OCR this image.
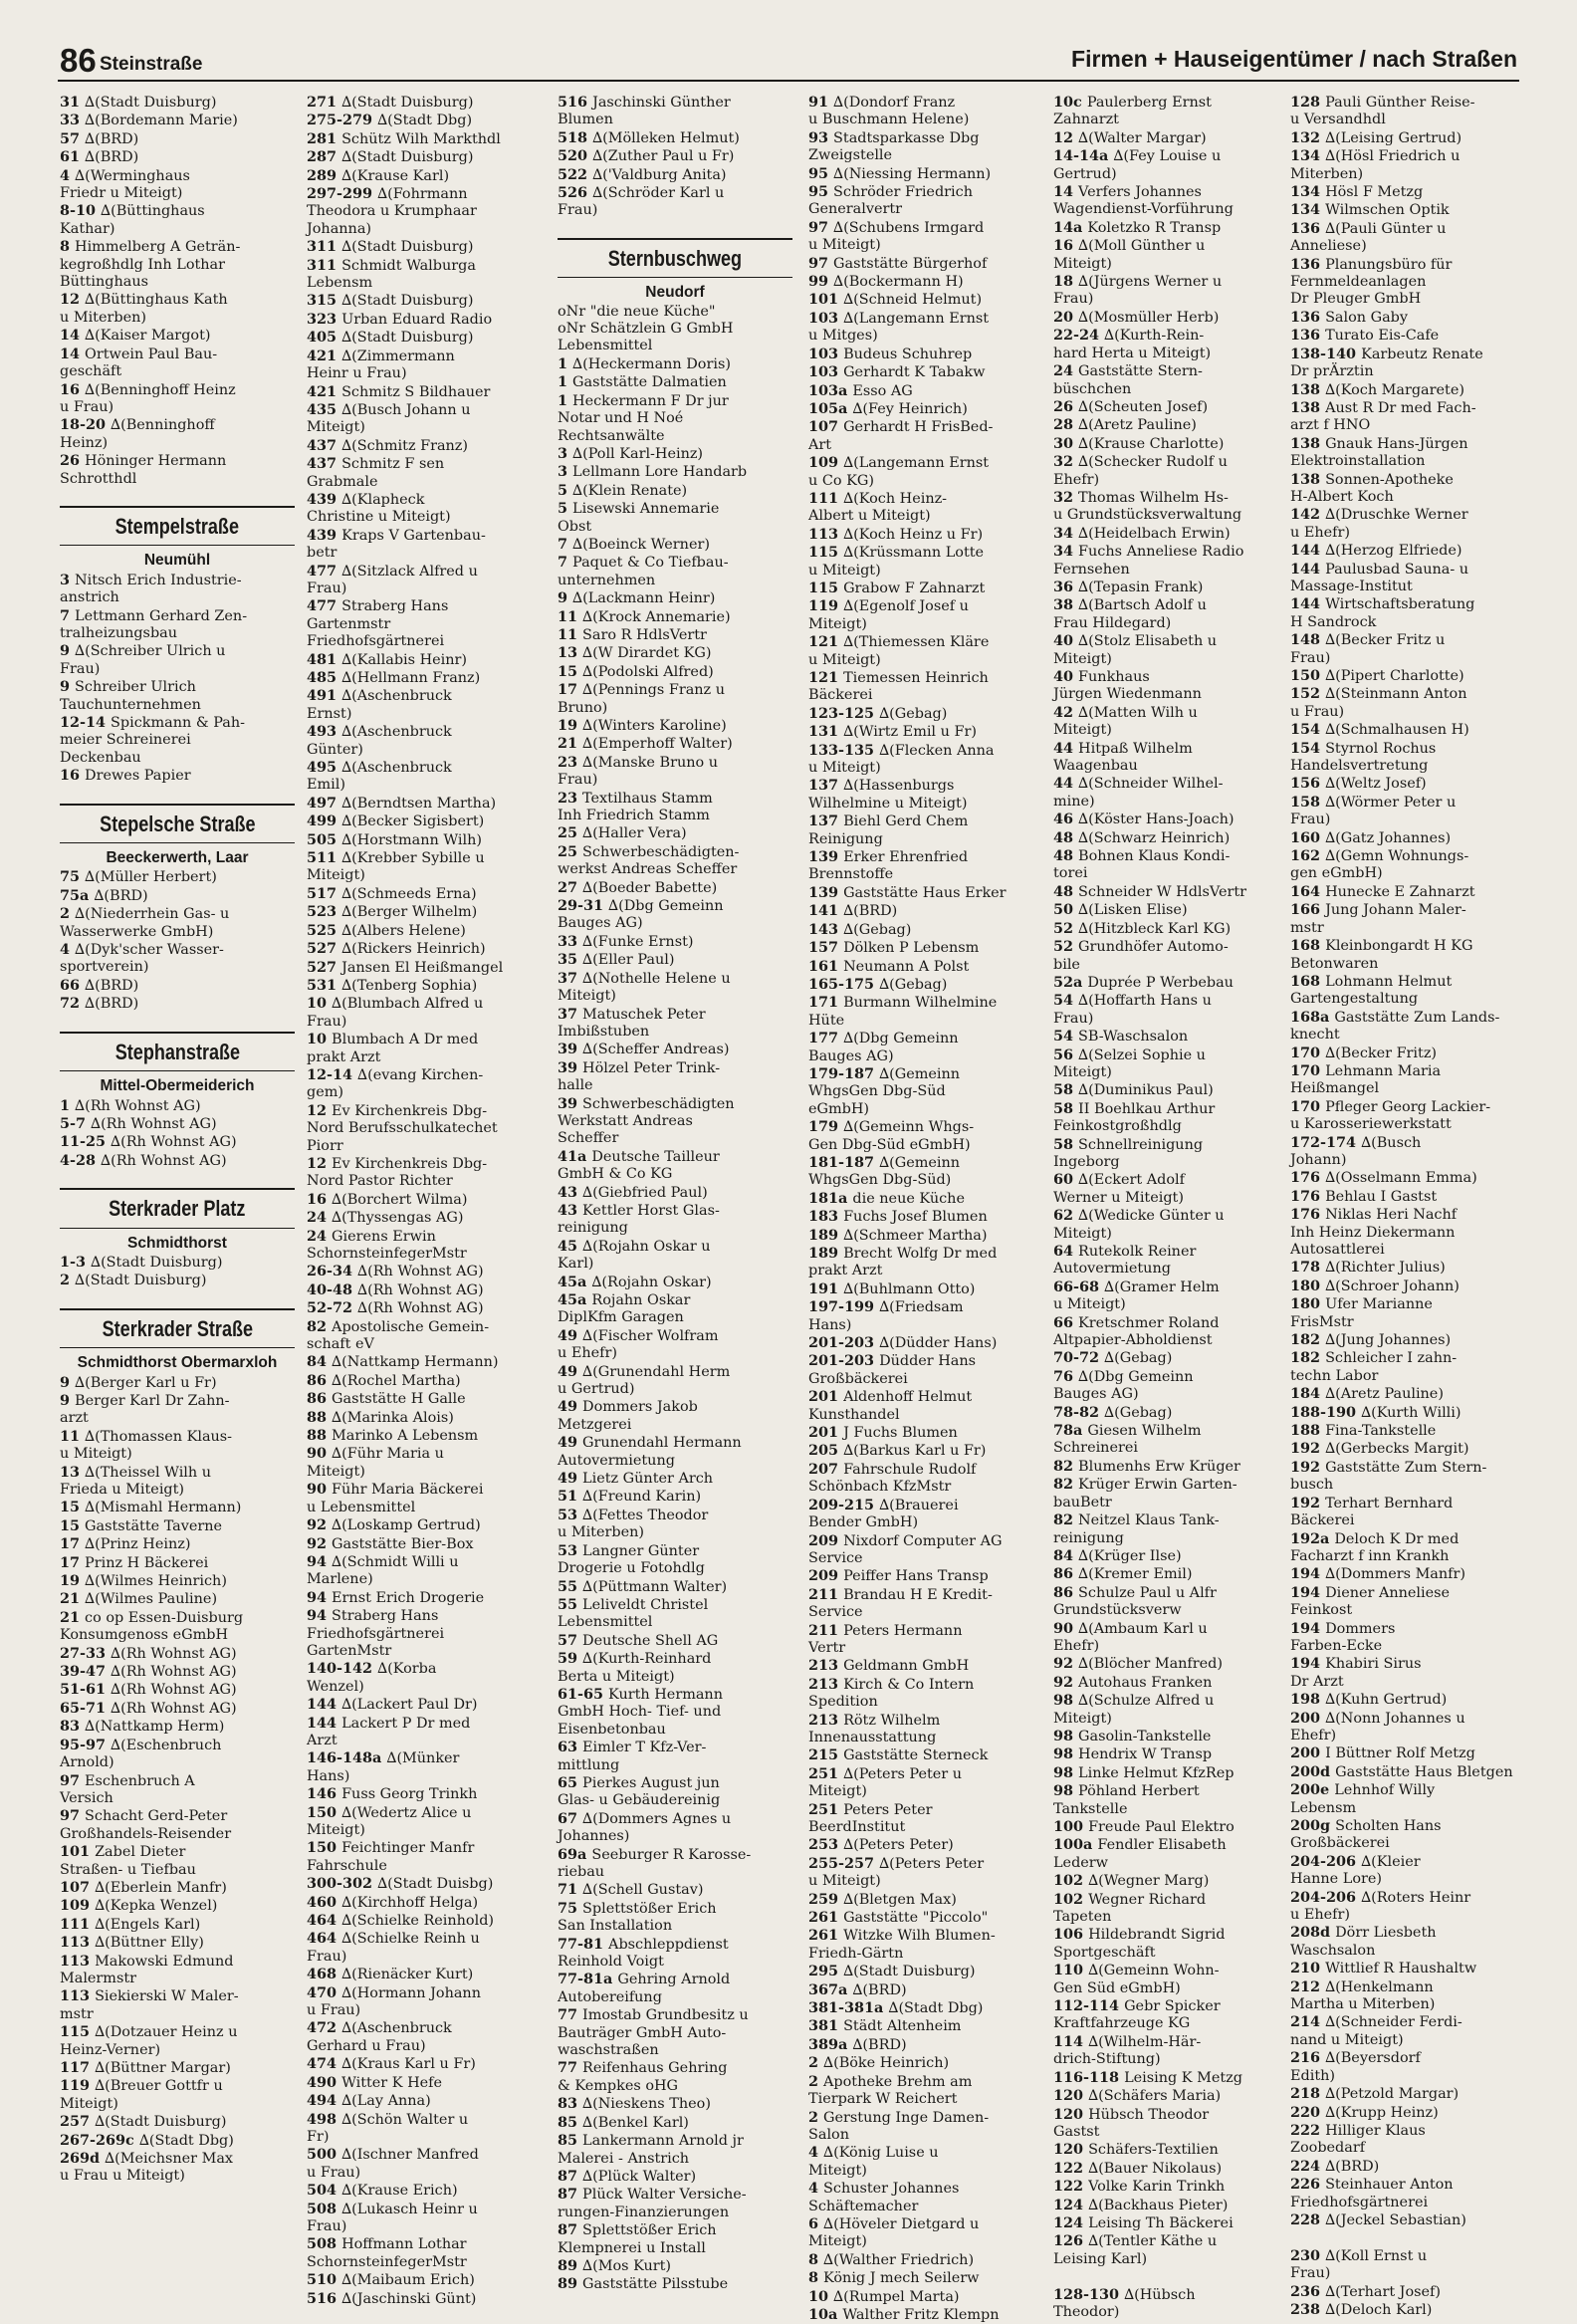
86 Steinstraße	Firmen + Hauseigentümer / nach Straßen
31 ∆(Stadt Duisburg)
33 ∆(Bordemann Marie)
57 ∆(BRD)
61 ∆(BRD)
4 ∆(Werminghaus
Friedr u Miteigt)
8-10 ∆(Büttinghaus
Kathar)
8 Himmelberg A Geträn-
kegroßhdlg Inh Lothar
Büttinghaus
12 ∆(Büttinghaus Kath
u Miterben)
14 ∆(Kaiser Margot)
14 Ortwein Paul Bau-
geschäft
16 ∆(Benninghoff Heinz
u Frau)
18-20 ∆(Benninghoff
Heinz)
26 Höninger Hermann
Schrotthdl
Stempelstraße
Neumühl
3 Nitsch Erich Industrie-
anstrich
7 Lettmann Gerhard Zen-
tralheizungsbau
9 ∆(Schreiber Ulrich u
Frau)
9 Schreiber Ulrich
Tauchunternehmen
12-14 Spickmann & Pah-
meier Schreinerei
Deckenbau
16 Drewes Papier
Stepelsche Straße
Beeckerwerth, Laar
75 ∆(Müller Herbert)
75a ∆(BRD)
2 ∆(Niederrhein Gas- u
Wasserwerke GmbH)
4 ∆(Dyk'scher Wasser-
sportverein)
66 ∆(BRD)
72 ∆(BRD)
Stephanstraße
Mittel-Obermeiderich
1 ∆(Rh Wohnst AG)
5-7 ∆(Rh Wohnst AG)
11-25 ∆(Rh Wohnst AG)
4-28 ∆(Rh Wohnst AG)
Sterkrader Platz
Schmidthorst
1-3 ∆(Stadt Duisburg)
2 ∆(Stadt Duisburg)
Sterkrader Straße
Schmidthorst Obermarxloh
9 ∆(Berger Karl u Fr)
9 Berger Karl Dr Zahn-
arzt
11 ∆(Thomassen Klaus-
u Miteigt)
13 ∆(Theissel Wilh u
Frieda u Miteigt)
15 ∆(Mismahl Hermann)
15 Gaststätte Taverne
17 ∆(Prinz Heinz)
17 Prinz H Bäckerei
19 ∆(Wilmes Heinrich)
21 ∆(Wilmes Pauline)
21 co op Essen-Duisburg
Konsumgenoss eGmbH
27-33 ∆(Rh Wohnst AG)
39-47 ∆(Rh Wohnst AG)
51-61 ∆(Rh Wohnst AG)
65-71 ∆(Rh Wohnst AG)
83 ∆(Nattkamp Herm)
95-97 ∆(Eschenbruch
Arnold)
97 Eschenbruch A
Versich
97 Schacht Gerd-Peter
Großhandels-Reisender
101 Zabel Dieter
Straßen- u Tiefbau
107 ∆(Eberlein Manfr)
109 ∆(Kepka Wenzel)
111 ∆(Engels Karl)
113 ∆(Büttner Elly)
113 Makowski Edmund
Malermstr
113 Siekierski W Maler-
mstr
115 ∆(Dotzauer Heinz u
Heinz-Verner)
117 ∆(Büttner Margar)
119 ∆(Breuer Gottfr u
Miteigt)
257 ∆(Stadt Duisburg)
267-269c ∆(Stadt Dbg)
269d ∆(Meichsner Max
u Frau u Miteigt)
271 ∆(Stadt Duisburg)
275-279 ∆(Stadt Dbg)
281 Schütz Wilh Markthdl
287 ∆(Stadt Duisburg)
289 ∆(Krause Karl)
297-299 ∆(Fohrmann
Theodora u Krumphaar
Johanna)
311 ∆(Stadt Duisburg)
311 Schmidt Walburga
Lebensm
315 ∆(Stadt Duisburg)
323 Urban Eduard Radio
405 ∆(Stadt Duisburg)
421 ∆(Zimmermann
Heinr u Frau)
421 Schmitz S Bildhauer
435 ∆(Busch Johann u
Miteigt)
437 ∆(Schmitz Franz)
437 Schmitz F sen
Grabmale
439 ∆(Klapheck
Christine u Miteigt)
439 Kraps V Gartenbau-
betr
477 ∆(Sitzlack Alfred u
Frau)
477 Straberg Hans
Gartenmstr
Friedhofsgärtnerei
481 ∆(Kallabis Heinr)
485 ∆(Hellmann Franz)
491 ∆(Aschenbruck
Ernst)
493 ∆(Aschenbruck
Günter)
495 ∆(Aschenbruck
Emil)
497 ∆(Berndtsen Martha)
499 ∆(Becker Sigisbert)
505 ∆(Horstmann Wilh)
511 ∆(Krebber Sybille u
Miteigt)
517 ∆(Schmeeds Erna)
523 ∆(Berger Wilhelm)
525 ∆(Albers Helene)
527 ∆(Rickers Heinrich)
527 Jansen El Heißmangel
531 ∆(Tenberg Sophia)
10 ∆(Blumbach Alfred u
Frau)
10 Blumbach A Dr med
prakt Arzt
12-14 ∆(evang Kirchen-
gem)
12 Ev Kirchenkreis Dbg-
Nord Berufsschulkatechet
Piorr
12 Ev Kirchenkreis Dbg-
Nord Pastor Richter
16 ∆(Borchert Wilma)
24 ∆(Thyssengas AG)
24 Gierens Erwin
SchornsteinfegerMstr
26-34 ∆(Rh Wohnst AG)
40-48 ∆(Rh Wohnst AG)
52-72 ∆(Rh Wohnst AG)
82 Apostolische Gemein-
schaft eV
84 ∆(Nattkamp Hermann)
86 ∆(Rochel Martha)
86 Gaststätte H Galle
88 ∆(Marinka Alois)
88 Marinko A Lebensm
90 ∆(Führ Maria u
Miteigt)
90 Führ Maria Bäckerei
u Lebensmittel
92 ∆(Loskamp Gertrud)
92 Gaststätte Bier-Box
94 ∆(Schmidt Willi u
Marlene)
94 Ernst Erich Drogerie
94 Straberg Hans
Friedhofsgärtnerei
GartenMstr
140-142 ∆(Korba
Wenzel)
144 ∆(Lackert Paul Dr)
144 Lackert P Dr med
Arzt
146-148a ∆(Münker
Hans)
146 Fuss Georg Trinkh
150 ∆(Wedertz Alice u
Miteigt)
150 Feichtinger Manfr
Fahrschule
300-302 ∆(Stadt Duisbg)
460 ∆(Kirchhoff Helga)
464 ∆(Schielke Reinhold)
464 ∆(Schielke Reinh u
Frau)
468 ∆(Rienäcker Kurt)
470 ∆(Hormann Johann
u Frau)
472 ∆(Aschenbruck
Gerhard u Frau)
474 ∆(Kraus Karl u Fr)
490 Witter K Hefe
494 ∆(Lay Anna)
498 ∆(Schön Walter u
Fr)
500 ∆(Ischner Manfred
u Frau)
504 ∆(Krause Erich)
508 ∆(Lukasch Heinr u
Frau)
508 Hoffmann Lothar
SchornsteinfegerMstr
510 ∆(Maibaum Erich)
516 ∆(Jaschinski Günt)
516 Jaschinski Günther
Blumen
518 ∆(Mölleken Helmut)
520 ∆(Zuther Paul u Fr)
522 ∆('Valdburg Anita)
526 ∆(Schröder Karl u
Frau)
Sternbuschweg
Neudorf
oNr "die neue Küche"
oNr Schätzlein G GmbH
Lebensmittel
1 ∆(Heckermann Doris)
1 Gaststätte Dalmatien
1 Heckermann F Dr jur
Notar und H Noé
Rechtsanwälte
3 ∆(Poll Karl-Heinz)
3 Lellmann Lore Handarb
5 ∆(Klein Renate)
5 Lisewski Annemarie
Obst
7 ∆(Boeinck Werner)
7 Paquet & Co Tiefbau-
unternehmen
9 ∆(Lackmann Heinr)
11 ∆(Krock Annemarie)
11 Saro R HdlsVertr
13 ∆(W Dirardet KG)
15 ∆(Podolski Alfred)
17 ∆(Pennings Franz u
Bruno)
19 ∆(Winters Karoline)
21 ∆(Emperhoff Walter)
23 ∆(Manske Bruno u
Frau)
23 Textilhaus Stamm
Inh Friedrich Stamm
25 ∆(Haller Vera)
25 Schwerbeschädigten-
werkst Andreas Scheffer
27 ∆(Boeder Babette)
29-31 ∆(Dbg Gemeinn
Bauges AG)
33 ∆(Funke Ernst)
35 ∆(Eller Paul)
37 ∆(Nothelle Helene u
Miteigt)
37 Matuschek Peter
Imbißstuben
39 ∆(Scheffer Andreas)
39 Hölzel Peter Trink-
halle
39 Schwerbeschädigten
Werkstatt Andreas
Scheffer
41a Deutsche Tailleur
GmbH & Co KG
43 ∆(Giebfried Paul)
43 Kettler Horst Glas-
reinigung
45 ∆(Rojahn Oskar u
Karl)
45a ∆(Rojahn Oskar)
45a Rojahn Oskar
DiplKfm Garagen
49 ∆(Fischer Wolfram
u Ehefr)
49 ∆(Grunendahl Herm
u Gertrud)
49 Dommers Jakob
Metzgerei
49 Grunendahl Hermann
Autovermietung
49 Lietz Günter Arch
51 ∆(Freund Karin)
53 ∆(Fettes Theodor
u Miterben)
53 Langner Günter
Drogerie u Fotohdlg
55 ∆(Püttmann Walter)
55 Leliveldt Christel
Lebensmittel
57 Deutsche Shell AG
59 ∆(Kurth-Reinhard
Berta u Miteigt)
61-65 Kurth Hermann
GmbH Hoch- Tief- und
Eisenbetonbau
63 Eimler T Kfz-Ver-
mittlung
65 Pierkes August jun
Glas- u Gebäudereinig
67 ∆(Dommers Agnes u
Johannes)
69a Seeburger R Karosse-
riebau
71 ∆(Schell Gustav)
75 Splettstößer Erich
San Installation
77-81 Abschleppdienst
Reinhold Voigt
77-81a Gehring Arnold
Autobereifung
77 Imostab Grundbesitz u
Bauträger GmbH Auto-
waschstraßen
77 Reifenhaus Gehring
& Kempkes oHG
83 ∆(Nieskens Theo)
85 ∆(Benkel Karl)
85 Lankermann Arnold jr
Malerei - Anstrich
87 ∆(Plück Walter)
87 Plück Walter Versiche-
rungen-Finanzierungen
87 Splettstößer Erich
Klempnerei u Install
89 ∆(Mos Kurt)
89 Gaststätte Pilsstube
91 ∆(Dondorf Franz
u Buschmann Helene)
93 Stadtsparkasse Dbg
Zweigstelle
95 ∆(Niessing Hermann)
95 Schröder Friedrich
Generalvertr
97 ∆(Schubens Irmgard
u Miteigt)
97 Gaststätte Bürgerhof
99 ∆(Bockermann H)
101 ∆(Schneid Helmut)
103 ∆(Langemann Ernst
u Mitges)
103 Budeus Schuhrep
103 Gerhardt K Tabakw
103a Esso AG
105a ∆(Fey Heinrich)
107 Gerhardt H FrisBed-
Art
109 ∆(Langemann Ernst
u Co KG)
111 ∆(Koch Heinz-
Albert u Miteigt)
113 ∆(Koch Heinz u Fr)
115 ∆(Krüssmann Lotte
u Miteigt)
115 Grabow F Zahnarzt
119 ∆(Egenolf Josef u
Miteigt)
121 ∆(Thiemessen Kläre
u Miteigt)
121 Tiemessen Heinrich
Bäckerei
123-125 ∆(Gebag)
131 ∆(Wirtz Emil u Fr)
133-135 ∆(Flecken Anna
u Miteigt)
137 ∆(Hassenburgs
Wilhelmine u Miteigt)
137 Biehl Gerd Chem
Reinigung
139 Erker Ehrenfried
Brennstoffe
139 Gaststätte Haus Erker
141 ∆(BRD)
143 ∆(Gebag)
157 Dölken P Lebensm
161 Neumann A Polst
165-175 ∆(Gebag)
171 Burmann Wilhelmine
Hüte
177 ∆(Dbg Gemeinn
Bauges AG)
179-187 ∆(Gemeinn
WhgsGen Dbg-Süd
eGmbH)
179 ∆(Gemeinn Whgs-
Gen Dbg-Süd eGmbH)
181-187 ∆(Gemeinn
WhgsGen Dbg-Süd)
181a die neue Küche
183 Fuchs Josef Blumen
189 ∆(Schmeer Martha)
189 Brecht Wolfg Dr med
prakt Arzt
191 ∆(Buhlmann Otto)
197-199 ∆(Friedsam
Hans)
201-203 ∆(Düdder Hans)
201-203 Düdder Hans
Großbäckerei
201 Aldenhoff Helmut
Kunsthandel
201 J Fuchs Blumen
205 ∆(Barkus Karl u Fr)
207 Fahrschule Rudolf
Schönbach KfzMstr
209-215 ∆(Brauerei
Bender GmbH)
209 Nixdorf Computer AG
Service
209 Peiffer Hans Transp
211 Brandau H E Kredit-
Service
211 Peters Hermann
Vertr
213 Geldmann GmbH
213 Kirch & Co Intern
Spedition
213 Rötz Wilhelm
Innenausstattung
215 Gaststätte Sterneck
251 ∆(Peters Peter u
Miteigt)
251 Peters Peter
BeerdInstitut
253 ∆(Peters Peter)
255-257 ∆(Peters Peter
u Miteigt)
259 ∆(Bletgen Max)
261 Gaststätte "Piccolo"
261 Witzke Wilh Blumen-
Friedh-Gärtn
295 ∆(Stadt Duisburg)
367a ∆(BRD)
381-381a ∆(Stadt Dbg)
381 Städt Altenheim
389a ∆(BRD)
2 ∆(Böke Heinrich)
2 Apotheke Brehm am
Tierpark W Reichert
2 Gerstung Inge Damen-
Salon
4 ∆(König Luise u
Miteigt)
4 Schuster Johannes
Schäftemacher
6 ∆(Höveler Dietgard u
Miteigt)
8 ∆(Walther Friedrich)
8 König J mech Seilerw
10 ∆(Rumpel Marta)
10a Walther Fritz Klempn
10c Paulerberg Ernst
Zahnarzt
12 ∆(Walter Margar)
14-14a ∆(Fey Louise u
Gertrud)
14 Verfers Johannes
Wagendienst-Vorführung
14a Koletzko R Transp
16 ∆(Moll Günther u
Miteigt)
18 ∆(Jürgens Werner u
Frau)
20 ∆(Mosmüller Herb)
22-24 ∆(Kurth-Rein-
hard Herta u Miteigt)
24 Gaststätte Stern-
büschchen
26 ∆(Scheuten Josef)
28 ∆(Aretz Pauline)
30 ∆(Krause Charlotte)
32 ∆(Schecker Rudolf u
Ehefr)
32 Thomas Wilhelm Hs-
u Grundstücksverwaltung
34 ∆(Heidelbach Erwin)
34 Fuchs Anneliese Radio
Fernsehen
36 ∆(Tepasin Frank)
38 ∆(Bartsch Adolf u
Frau Hildegard)
40 ∆(Stolz Elisabeth u
Miteigt)
40 Funkhaus
Jürgen Wiedenmann
42 ∆(Matten Wilh u
Miteigt)
44 Hitpaß Wilhelm
Waagenbau
44 ∆(Schneider Wilhel-
mine)
46 ∆(Köster Hans-Joach)
48 ∆(Schwarz Heinrich)
48 Bohnen Klaus Kondi-
torei
48 Schneider W HdlsVertr
50 ∆(Lisken Elise)
52 ∆(Hitzbleck Karl KG)
52 Grundhöfer Automo-
bile
52a Duprée P Werbebau
54 ∆(Hoffarth Hans u
Frau)
54 SB-Waschsalon
56 ∆(Selzei Sophie u
Miteigt)
58 ∆(Duminikus Paul)
58 II Boehlkau Arthur
Feinkostgroßhdlg
58 Schnellreinigung
Ingeborg
60 ∆(Eckert Adolf
Werner u Miteigt)
62 ∆(Wedicke Günter u
Miteigt)
64 Rutekolk Reiner
Autovermietung
66-68 ∆(Gramer Helm
u Miteigt)
66 Kretschmer Roland
Altpapier-Abholdienst
70-72 ∆(Gebag)
76 ∆(Dbg Gemeinn
Bauges AG)
78-82 ∆(Gebag)
78a Giesen Wilhelm
Schreinerei
82 Blumenhs Erw Krüger
82 Krüger Erwin Garten-
bauBetr
82 Neitzel Klaus Tank-
reinigung
84 ∆(Krüger Ilse)
86 ∆(Kremer Emil)
86 Schulze Paul u Alfr
Grundstücksverw
90 ∆(Ambaum Karl u
Ehefr)
92 ∆(Blöcher Manfred)
92 Autohaus Franken
98 ∆(Schulze Alfred u
Miteigt)
98 Gasolin-Tankstelle
98 Hendrix W Transp
98 Linke Helmut KfzRep
98 Pöhland Herbert
Tankstelle
100 Freude Paul Elektro
100a Fendler Elisabeth
Lederw
102 ∆(Wegner Marg)
102 Wegner Richard
Tapeten
106 Hildebrandt Sigrid
Sportgeschäft
110 ∆(Gemeinn Wohn-
Gen Süd eGmbH)
112-114 Gebr Spicker
Kraftfahrzeuge KG
114 ∆(Wilhelm-Här-
drich-Stiftung)
116-118 Leising K Metzg
120 ∆(Schäfers Maria)
120 Hübsch Theodor
Gastst
120 Schäfers-Textilien
122 ∆(Bauer Nikolaus)
122 Volke Karin Trinkh
124 ∆(Backhaus Pieter)
124 Leising Th Bäckerei
126 ∆(Tentler Käthe u
Leising Karl)

128-130 ∆(Hübsch
Theodor)
128 Pauli Günther Reise-
u Versandhdl
132 ∆(Leising Gertrud)
134 ∆(Hösl Friedrich u
Miterben)
134 Hösl F Metzg
134 Wilmschen Optik
136 ∆(Pauli Günter u
Anneliese)
136 Planungsbüro für
Fernmeldeanlagen
Dr Pleuger GmbH
136 Salon Gaby
136 Turato Eis-Cafe
138-140 Karbeutz Renate
Dr prÄrztin
138 ∆(Koch Margarete)
138 Aust R Dr med Fach-
arzt f HNO
138 Gnauk Hans-Jürgen
Elektroinstallation
138 Sonnen-Apotheke
H-Albert Koch
142 ∆(Druschke Werner
u Ehefr)
144 ∆(Herzog Elfriede)
144 Paulusbad Sauna- u
Massage-Institut
144 Wirtschaftsberatung
H Sandrock
148 ∆(Becker Fritz u
Frau)
150 ∆(Pipert Charlotte)
152 ∆(Steinmann Anton
u Frau)
154 ∆(Schmalhausen H)
154 Styrnol Rochus
Handelsvertretung
156 ∆(Weltz Josef)
158 ∆(Wörmer Peter u
Frau)
160 ∆(Gatz Johannes)
162 ∆(Gemn Wohnungs-
gen eGmbH)
164 Hunecke E Zahnarzt
166 Jung Johann Maler-
mstr
168 Kleinbongardt H KG
Betonwaren
168 Lohmann Helmut
Gartengestaltung
168a Gaststätte Zum Lands-
knecht
170 ∆(Becker Fritz)
170 Lehmann Maria
Heißmangel
170 Pfleger Georg Lackier-
u Karosseriewerkstatt
172-174 ∆(Busch
Johann)
176 ∆(Osselmann Emma)
176 Behlau I Gastst
176 Niklas Heri Nachf
Inh Heinz Diekermann
Autosattlerei
178 ∆(Richter Julius)
180 ∆(Schroer Johann)
180 Ufer Marianne
FrisMstr
182 ∆(Jung Johannes)
182 Schleicher I zahn-
techn Labor
184 ∆(Aretz Pauline)
188-190 ∆(Kurth Willi)
188 Fina-Tankstelle
192 ∆(Gerbecks Margit)
192 Gaststätte Zum Stern-
busch
192 Terhart Bernhard
Bäckerei
192a Deloch K Dr med
Facharzt f inn Krankh
194 ∆(Dommers Manfr)
194 Diener Anneliese
Feinkost
194 Dommers
Farben-Ecke
194 Khabiri Sirus
Dr Arzt
198 ∆(Kuhn Gertrud)
200 ∆(Nonn Johannes u
Ehefr)
200 I Büttner Rolf Metzg
200d Gaststätte Haus Bletgen
200e Lehnhof Willy
Lebensm
200g Scholten Hans
Großbäckerei
204-206 ∆(Kleier
Hanne Lore)
204-206 ∆(Roters Heinr
u Ehefr)
208d Dörr Liesbeth
Waschsalon
210 Wittlief R Haushaltw
212 ∆(Henkelmann
Martha u Miterben)
214 ∆(Schneider Ferdi-
nand u Miteigt)
216 ∆(Beyersdorf
Edith)
218 ∆(Petzold Margar)
220 ∆(Krupp Heinz)
222 Hilliger Klaus
Zoobedarf
224 ∆(BRD)
226 Steinhauer Anton
Friedhofsgärtnerei
228 ∆(Jeckel Sebastian)

230 ∆(Koll Ernst u
Frau)
236 ∆(Terhart Josef)
238 ∆(Deloch Karl)
